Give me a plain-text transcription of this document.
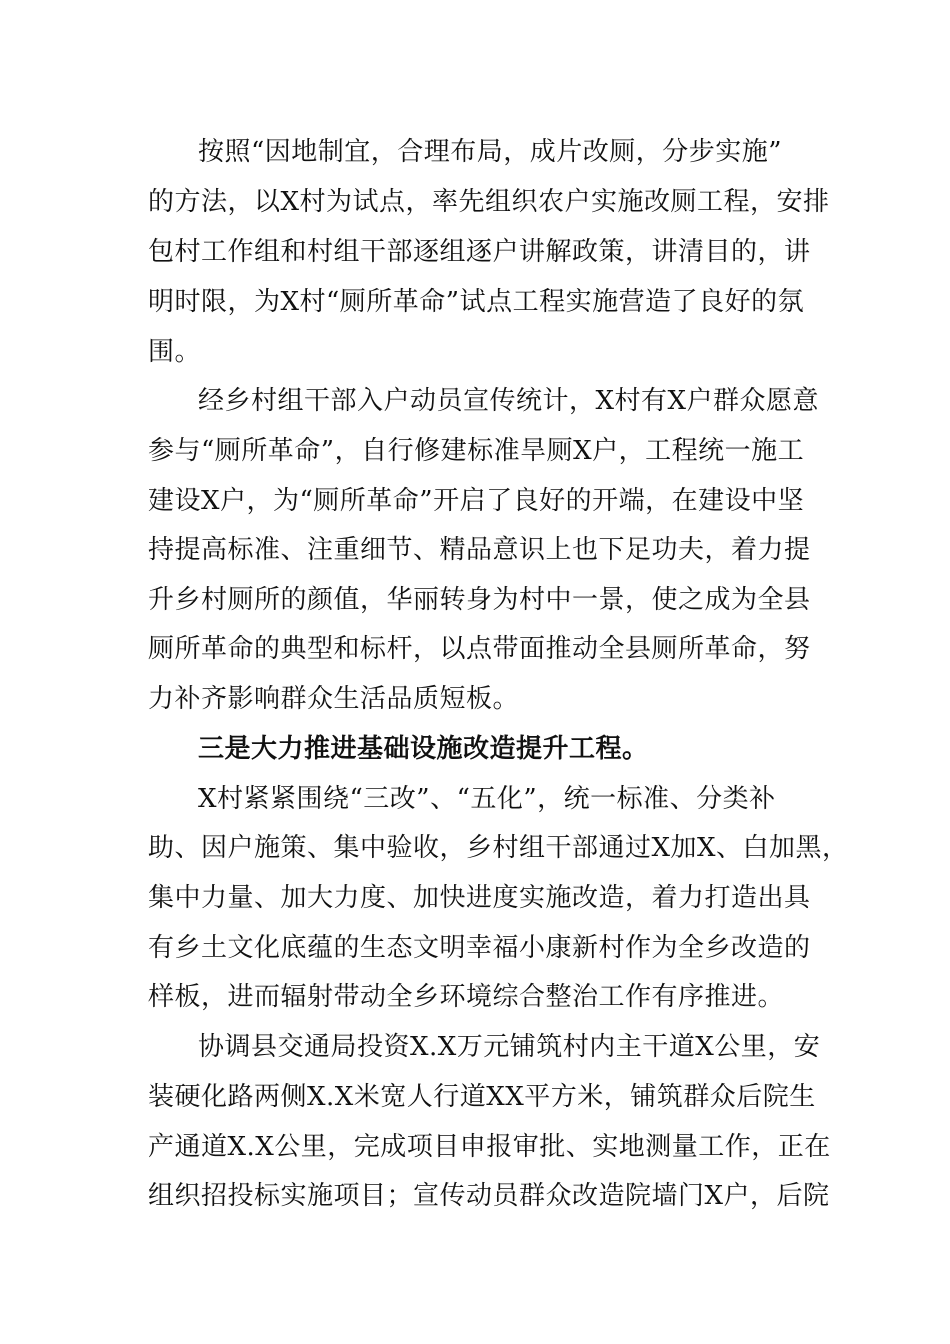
按照“因地制宜，合理布局，成片改厕，分步实施”
的方法，以X村为试点，率先组织农户实施改厕工程，安排
包村工作组和村组干部逐组逐户讲解政策，讲清目的，讲
明时限，为X村“厕所革命”试点工程实施营造了良好的氛
围。
经乡村组干部入户动员宣传统计，X村有X户群众愿意
参与“厕所革命”，自行修建标准旱厕X户，工程统一施工
建设X户，为“厕所革命”开启了良好的开端，在建设中坚
持提高标准、注重细节、精品意识上也下足功夫，着力提
升乡村厕所的颜值，华丽转身为村中一景，使之成为全县
厕所革命的典型和标杆，以点带面推动全县厕所革命，努
力补齐影响群众生活品质短板。
三是大力推进基础设施改造提升工程。
X村紧紧围绕“三改”、“五化”，统一标准、分类补
助、因户施策、集中验收，乡村组干部通过X加X、白加黑，
集中力量、加大力度、加快进度实施改造，着力打造出具
有乡土文化底蕴的生态文明幸福小康新村作为全乡改造的
样板，进而辐射带动全乡环境综合整治工作有序推进。
协调县交通局投资X.X万元铺筑村内主干道X公里，安
装硬化路两侧X.X米宽人行道XX平方米，铺筑群众后院生
产通道X.X公里，完成项目申报审批、实地测量工作，正在
组织招投标实施项目；宣传动员群众改造院墙门X户，后院
